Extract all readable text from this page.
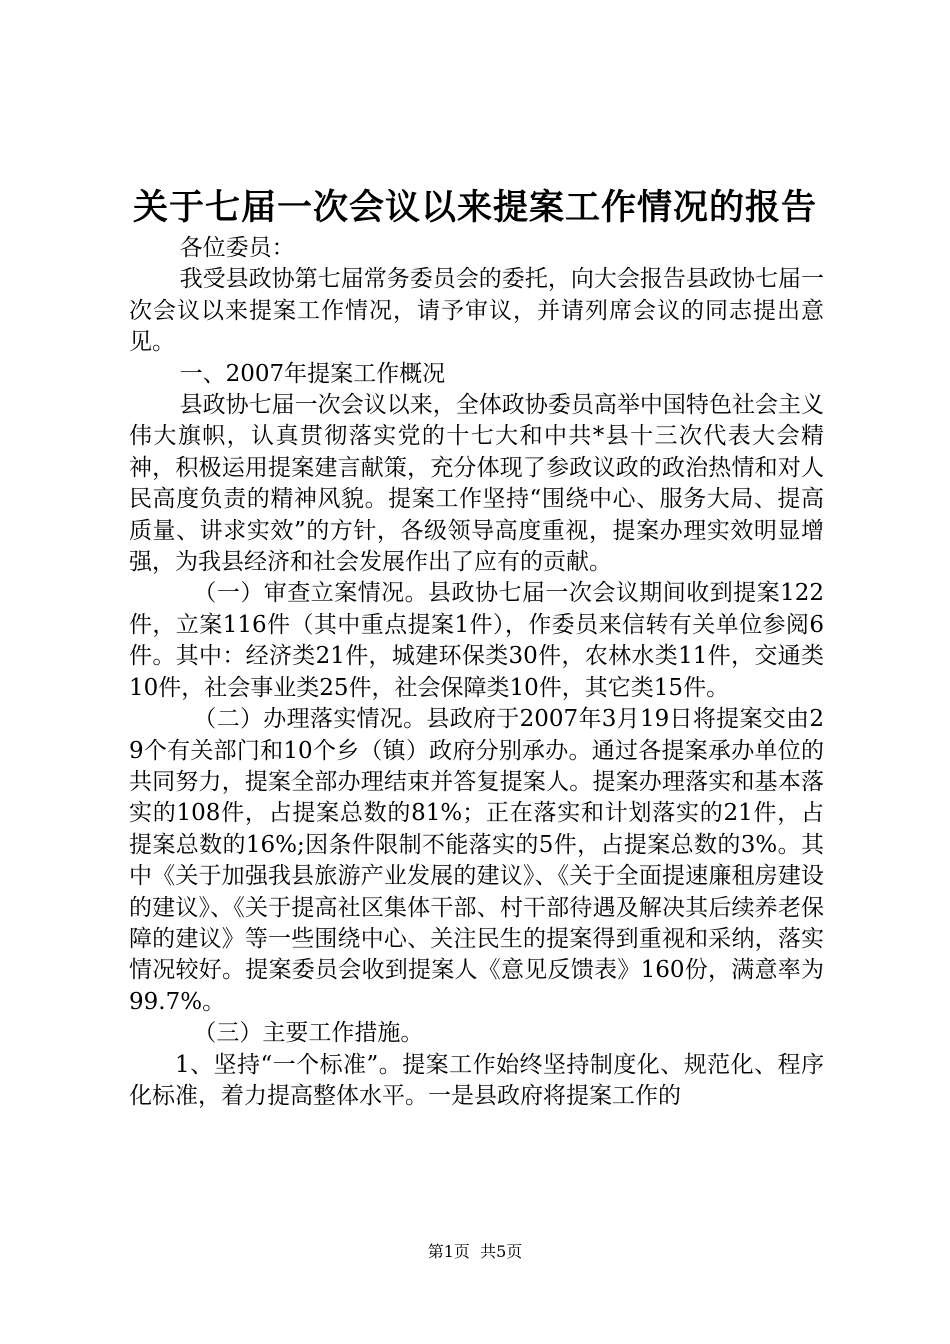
关于七届一次会议以来提案工作情况的报告

各位委员：

我受县政协第七届常务委员会的委托，向大会报告县政协七届一次会议以来提案工作情况，请予审议，并请列席会议的同志提出意见。

一、2007年提案工作概况

县政协七届一次会议以来，全体政协委员高举中国特色社会主义伟大旗帜，认真贯彻落实党的十七大和中共*县十三次代表大会精神，积极运用提案建言献策，充分体现了参政议政的政治热情和对人民高度负责的精神风貌。提案工作坚持“围绕中心、服务大局、提高质量、讲求实效”的方针，各级领导高度重视，提案办理实效明显增强，为我县经济和社会发展作出了应有的贡献。

（一）审查立案情况。县政协七届一次会议期间收到提案122件，立案116件（其中重点提案1件），作委员来信转有关单位参阅6件。其中：经济类21件，城建环保类30件，农林水类11件，交通类10件，社会事业类25件，社会保障类10件，其它类15件。

（二）办理落实情况。县政府于2007年3月19日将提案交由29个有关部门和10个乡（镇）政府分别承办。通过各提案承办单位的共同努力，提案全部办理结束并答复提案人。提案办理落实和基本落实的108件，占提案总数的81%；正在落实和计划落实的21件，占提案总数的16%;因条件限制不能落实的5件，占提案总数的3%。其中《关于加强我县旅游产业发展的建议》、《关于全面提速廉租房建设的建议》、《关于提高社区集体干部、村干部待遇及解决其后续养老保障的建议》等一些围绕中心、关注民生的提案得到重视和采纳，落实情况较好。提案委员会收到提案人《意见反馈表》160份，满意率为99.7%。

（三）主要工作措施。

1、坚持“一个标准”。提案工作始终坚持制度化、规范化、程序化标准，着力提高整体水平。一是县政府将提案工作的

第1页  共5页
